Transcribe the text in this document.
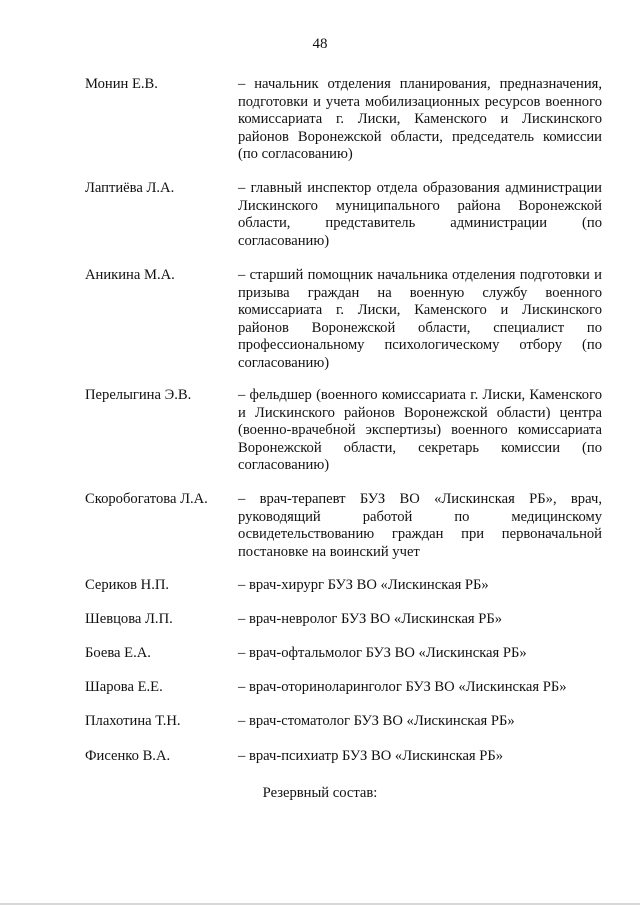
48
Монин Е.В.	– начальник отделения планирования, предназначения, подготовки и учета мобилизационных ресурсов военного комиссариата г. Лиски, Каменского и Лискинского районов Воронежской области, председатель комиссии (по согласованию)
Лаптиёва Л.А.	– главный инспектор отдела образования администрации Лискинского муниципального района Воронежской области, представитель администрации (по согласованию)
Аникина М.А.	– старший помощник начальника отделения подготовки и призыва граждан на военную службу военного комиссариата г. Лиски, Каменского и Лискинского районов Воронежской области, специалист по профессиональному психологическому отбору (по согласованию)
Перелыгина Э.В.	– фельдшер (военного комиссариата г. Лиски, Каменского и Лискинского районов Воронежской области) центра (военно-врачебной экспертизы) военного комиссариата Воронежской области, секретарь комиссии (по согласованию)
Скоробогатова Л.А.	– врач-терапевт БУЗ ВО «Лискинская РБ», врач, руководящий работой по медицинскому освидетельствованию граждан при первоначальной постановке на воинский учет
Сериков Н.П.	– врач-хирург БУЗ ВО «Лискинская РБ»
Шевцова Л.П.	– врач-невролог БУЗ ВО «Лискинская РБ»
Боева Е.А.	– врач-офтальмолог БУЗ ВО «Лискинская РБ»
Шарова Е.Е.	– врач-оториноларинголог БУЗ ВО «Лискинская РБ»
Плахотина Т.Н.	– врач-стоматолог БУЗ ВО «Лискинская РБ»
Фисенко В.А.	– врач-психиатр БУЗ ВО «Лискинская РБ»
Резервный состав:
